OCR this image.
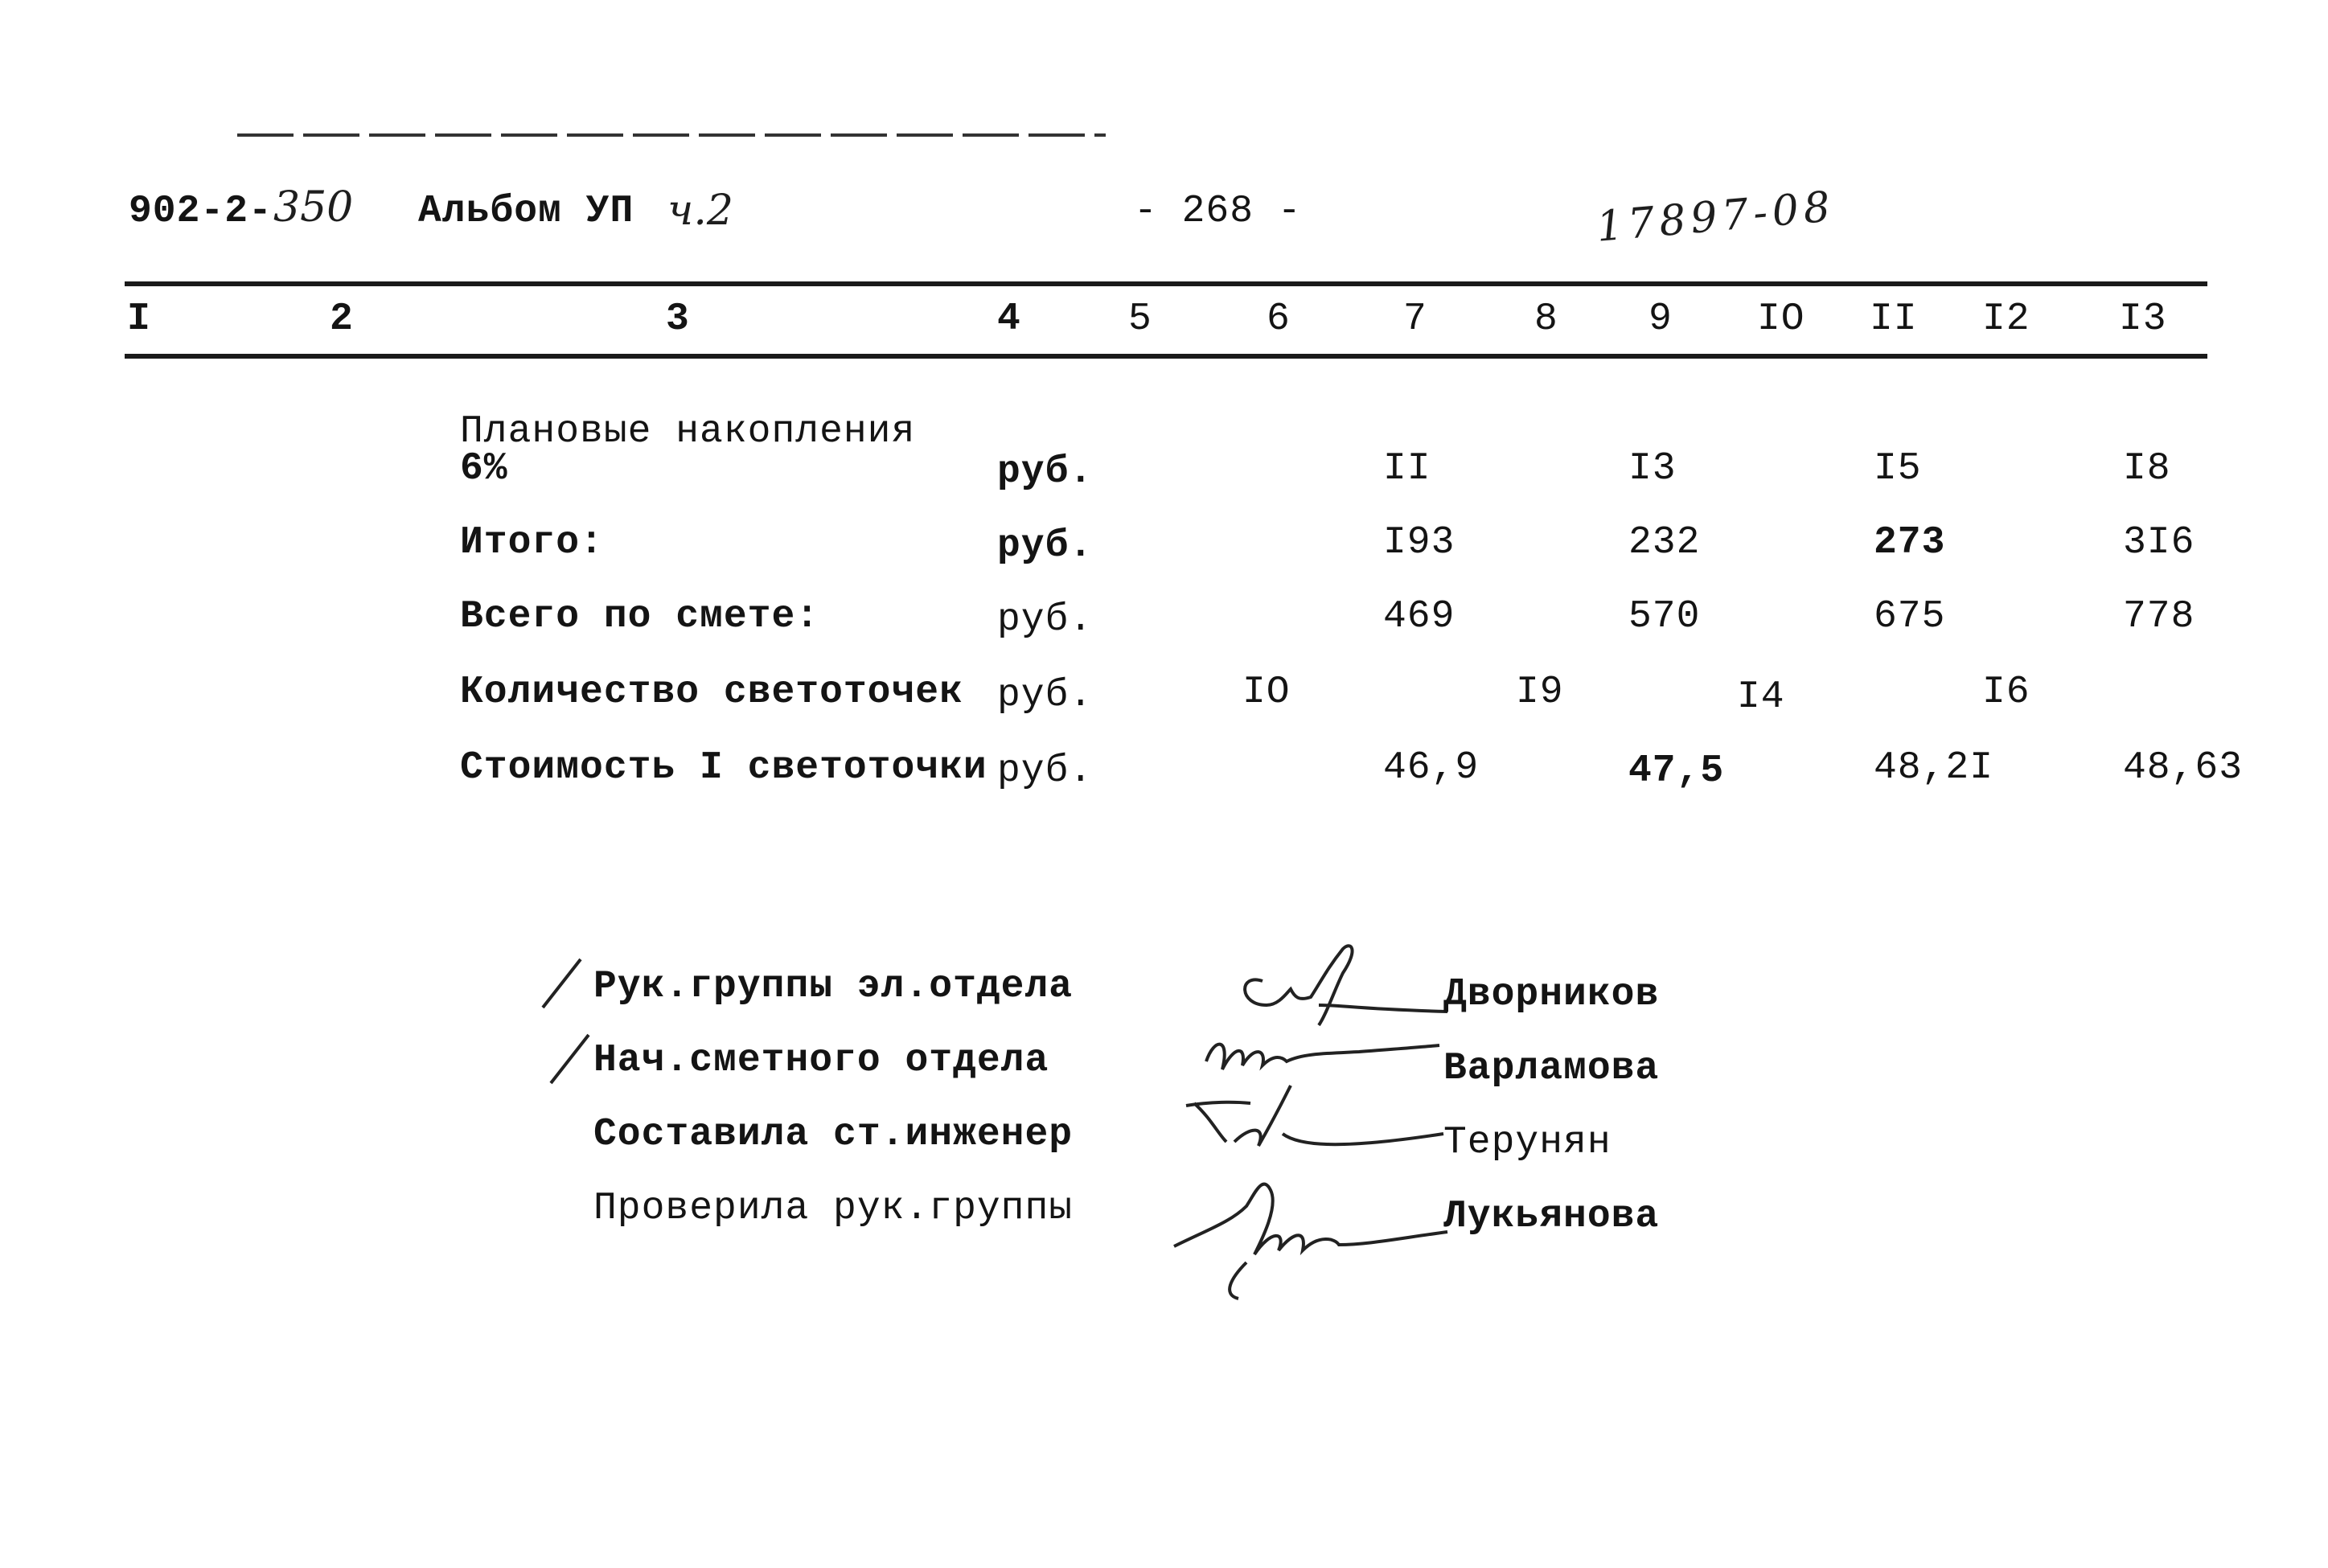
902-2- 350 Альбом УП ч.2	- 268 -	17897-08
I	2	3	4	5	6	7	8 9 IO II I2 I3
Плановые накопления
6%	руб.	II	I3	I5	I8
Итого:	руб.	I93	232	273	3I6
Всего по смете:	руб.	469	570	675	778
Количество светоточек руб.	IO	I9	I4	I6
Стоимость I светоточки руб.	46,9	47,5	48,2I	48,63
Рук.группы эл.отдела
Нач.сметного отдела
Составила ст.инженер
Проверила рук.группы
Дворников
Варламова
Терунян
Лукьянова
